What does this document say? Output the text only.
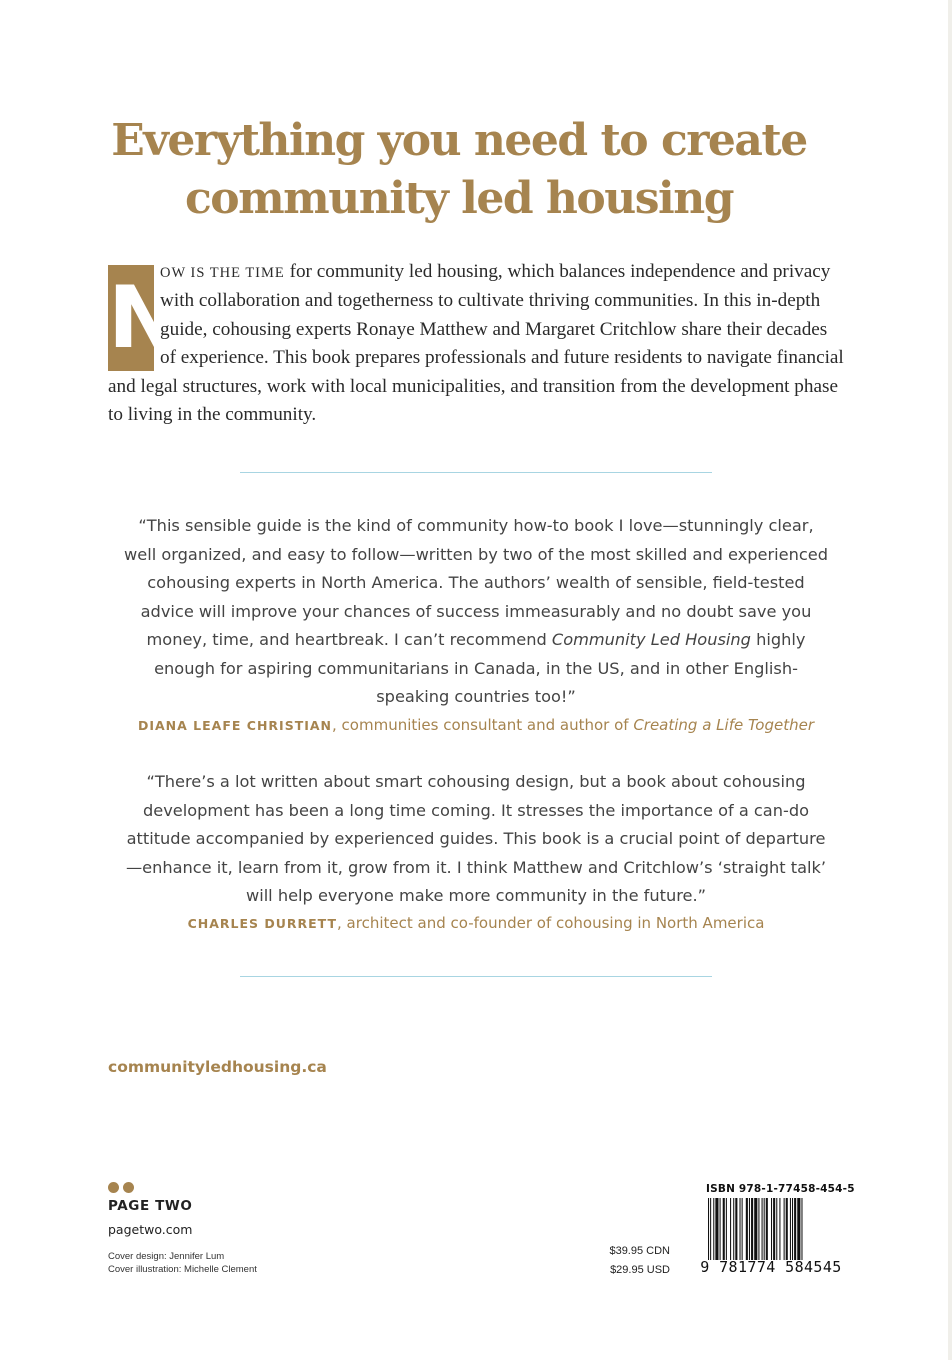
Everything you need to create
community led housing
N
OW IS THE TIME for community led housing, which balances independence and privacy with collaboration and togetherness to cultivate thriving communities. In this in-depth guide, cohousing experts Ronaye Matthew and Margaret Critchlow share their decades of experience. This book prepares professionals and future residents to navigate financial and legal structures, work with local municipalities, and transition from the development phase to living in the community.
“This sensible guide is the kind of community how-to book I love—stunningly clear, well organized, and easy to follow—written by two of the most skilled and experienced cohousing experts in North America. The authors’ wealth of sensible, field-tested advice will improve your chances of success immeasurably and no doubt save you money, time, and heartbreak. I can’t recommend Community Led Housing highly enough for aspiring communitarians in Canada, in the US, and in other English-speaking countries too!”
DIANA LEAFE CHRISTIAN, communities consultant and author of Creating a Life Together
“There’s a lot written about smart cohousing design, but a book about cohousing development has been a long time coming. It stresses the importance of a can-do attitude accompanied by experienced guides. This book is a crucial point of departure—enhance it, learn from it, grow from it. I think Matthew and Critchlow’s ‘straight talk’ will help everyone make more community in the future.”
CHARLES DURRETT, architect and co-founder of cohousing in North America
communityledhousing.ca
PAGE TWO
pagetwo.com
Cover design: Jennifer Lum
Cover illustration: Michelle Clement
$39.95 CDN
$29.95 USD
ISBN 978-1-77458-454-5
9 781774 584545
